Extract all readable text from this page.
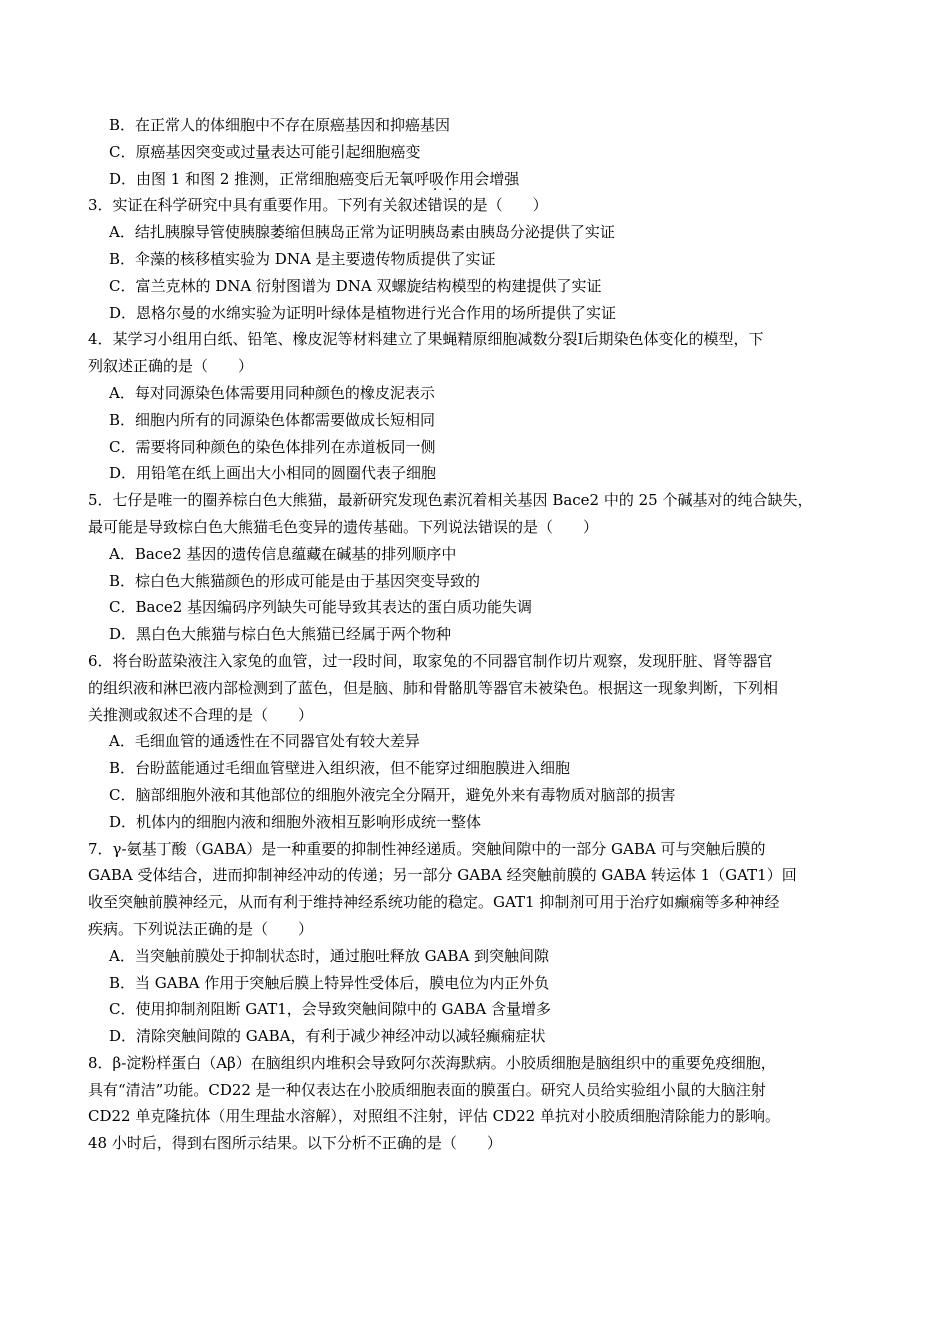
B．在正常人的体细胞中不存在原癌基因和抑癌基因
C．原癌基因突变或过量表达可能引起细胞癌变
D．由图 1 和图 2 推测，正常细胞癌变后无氧呼吸作用会增强
3．实证在科学研究中具有重要作用。下列有关叙述错误的是（　　）
A．结扎胰腺导管使胰腺萎缩但胰岛正常为证明胰岛素由胰岛分泌提供了实证
B．伞藻的核移植实验为 DNA 是主要遗传物质提供了实证
C．富兰克林的 DNA 衍射图谱为 DNA 双螺旋结构模型的构建提供了实证
D．恩格尔曼的水绵实验为证明叶绿体是植物进行光合作用的场所提供了实证
4．某学习小组用白纸、铅笔、橡皮泥等材料建立了果蝇精原细胞减数分裂Ⅰ后期染色体变化的模型，下
列叙述正确的是（　　）
A．每对同源染色体需要用同种颜色的橡皮泥表示
B．细胞内所有的同源染色体都需要做成长短相同
C．需要将同种颜色的染色体排列在赤道板同一侧
D．用铅笔在纸上画出大小相同的圆圈代表子细胞
5．七仔是唯一的圈养棕白色大熊猫，最新研究发现色素沉着相关基因 Bace2 中的 25 个碱基对的纯合缺失，
最可能是导致棕白色大熊猫毛色变异的遗传基础。下列说法错误的是（　　）
A．Bace2 基因的遗传信息蕴藏在碱基的排列顺序中
B．棕白色大熊猫颜色的形成可能是由于基因突变导致的
C．Bace2 基因编码序列缺失可能导致其表达的蛋白质功能失调
D．黑白色大熊猫与棕白色大熊猫已经属于两个物种
6．将台盼蓝染液注入家兔的血管，过一段时间，取家兔的不同器官制作切片观察，发现肝脏、肾等器官
的组织液和淋巴液内部检测到了蓝色，但是脑、肺和骨骼肌等器官未被染色。根据这一现象判断，下列相
关推测或叙述不合理的是（　　）
A．毛细血管的通透性在不同器官处有较大差异
B．台盼蓝能通过毛细血管壁进入组织液，但不能穿过细胞膜进入细胞
C．脑部细胞外液和其他部位的细胞外液完全分隔开，避免外来有毒物质对脑部的损害
D．机体内的细胞内液和细胞外液相互影响形成统一整体
7．γ-氨基丁酸（GABA）是一种重要的抑制性神经递质。突触间隙中的一部分 GABA 可与突触后膜的
GABA 受体结合，进而抑制神经冲动的传递；另一部分 GABA 经突触前膜的 GABA 转运体 1（GAT1）回
收至突触前膜神经元，从而有利于维持神经系统功能的稳定。GAT1 抑制剂可用于治疗如癫痫等多种神经
疾病。下列说法正确的是（　　）
A．当突触前膜处于抑制状态时，通过胞吐释放 GABA 到突触间隙
B．当 GABA 作用于突触后膜上特异性受体后，膜电位为内正外负
C．使用抑制剂阻断 GAT1，会导致突触间隙中的 GABA 含量增多
D．清除突触间隙的 GABA，有利于减少神经冲动以减轻癫痫症状
8．β-淀粉样蛋白（Aβ）在脑组织内堆积会导致阿尔茨海默病。小胶质细胞是脑组织中的重要免疫细胞，
具有“清洁”功能。CD22 是一种仅表达在小胶质细胞表面的膜蛋白。研究人员给实验组小鼠的大脑注射
CD22 单克隆抗体（用生理盐水溶解），对照组不注射，评估 CD22 单抗对小胶质细胞清除能力的影响。
48 小时后，得到右图所示结果。以下分析不正确的是（　　）
